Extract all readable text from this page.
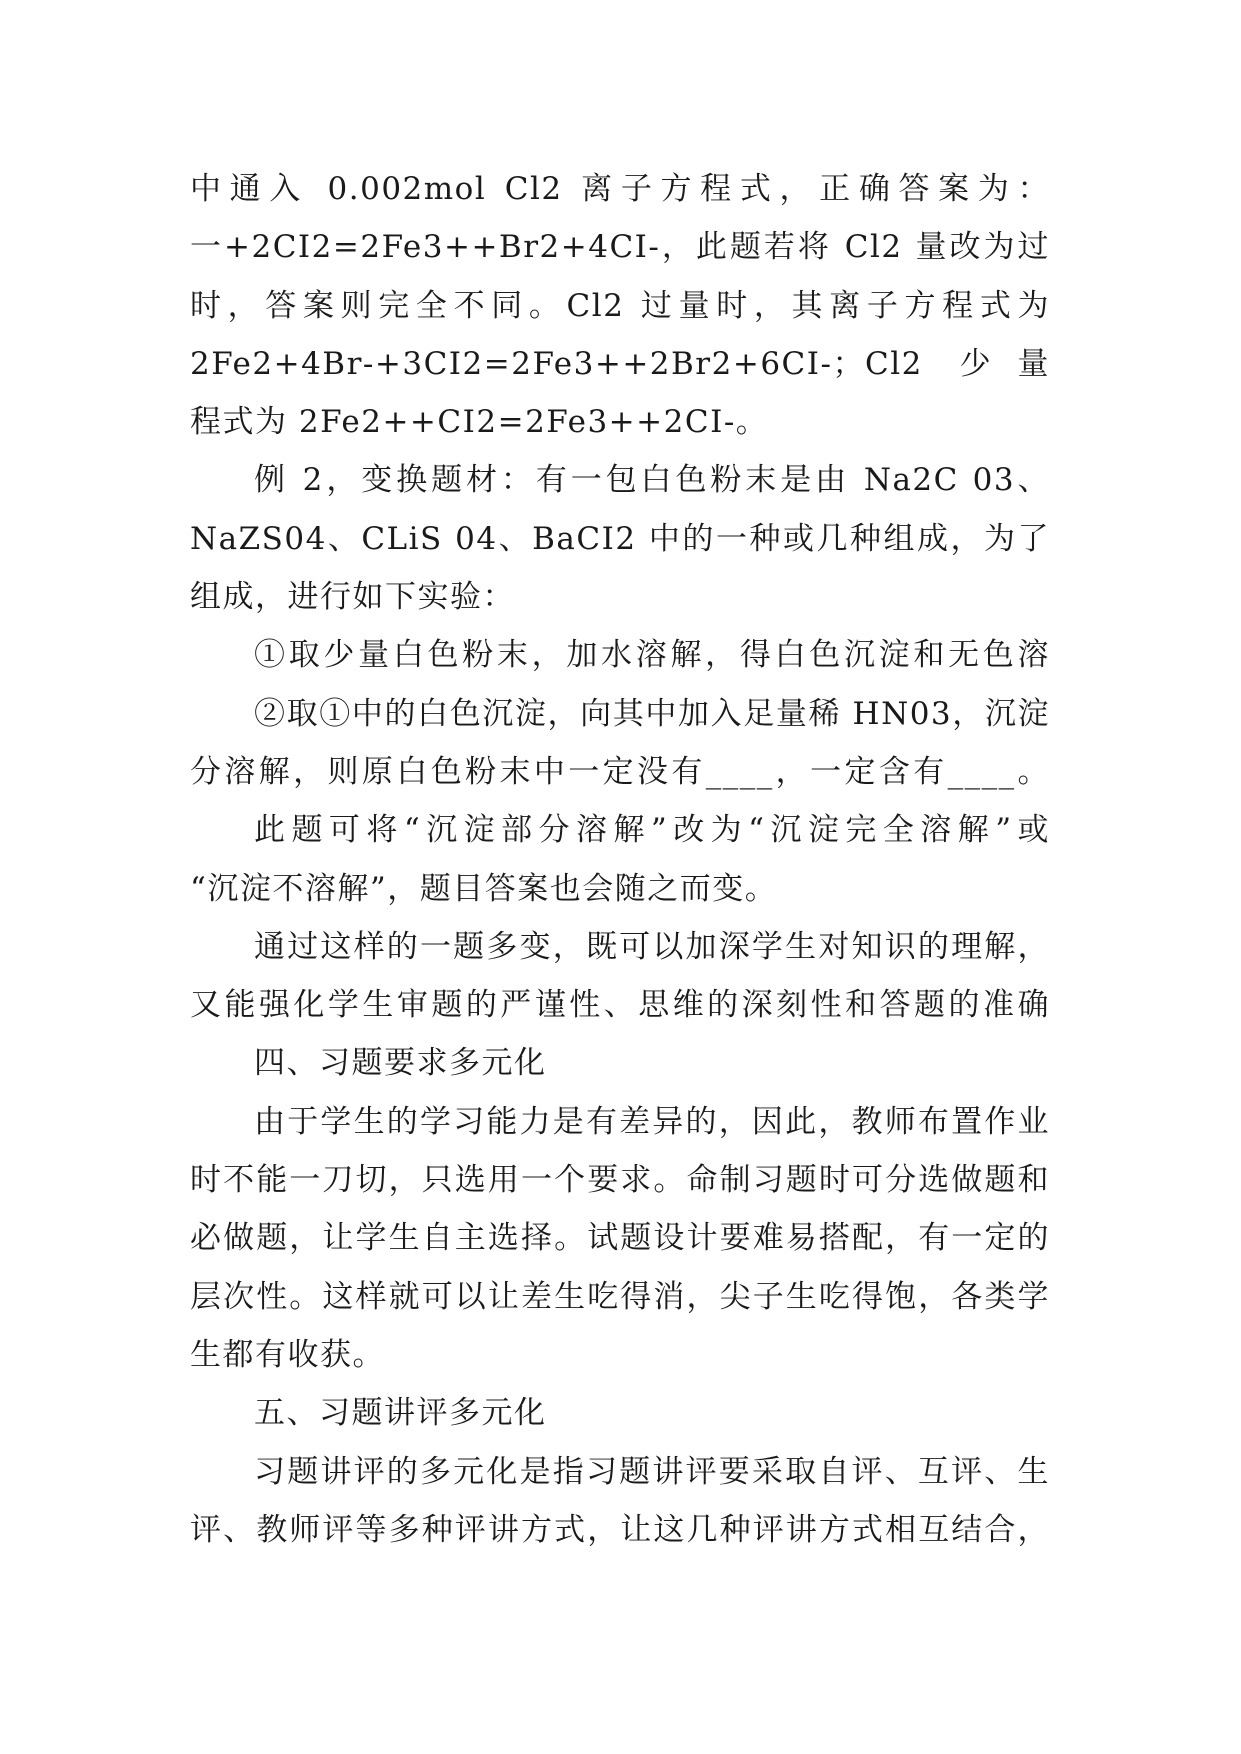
中通入 0.002mol Cl2 离子方程式，正确答案为：
一+2CI2=2Fe3++Br2+4CI-，此题若将 Cl2 量改为过
时，答案则完全不同。Cl2 过量时，其离子方程式为
2Fe2+4Br-+3CI2=2Fe3++2Br2+6CI-；Cl2 少量
程式为 2Fe2++CI2=2Fe3++2CI-。
例 2，变换题材：有一包白色粉末是由 Na2C 03、
NaZS04、CLiS 04、BaCI2 中的一种或几种组成，为了
组成，进行如下实验：
①取少量白色粉末，加水溶解，得白色沉淀和无色溶
②取①中的白色沉淀，向其中加入足量稀 HN03，沉淀
分溶解，则原白色粉末中一定没有____，一定含有____。
此题可将“沉淀部分溶解”改为“沉淀完全溶解”或
“沉淀不溶解”，题目答案也会随之而变。
通过这样的一题多变，既可以加深学生对知识的理解，
又能强化学生审题的严谨性、思维的深刻性和答题的准确
四、习题要求多元化
由于学生的学习能力是有差异的，因此，教师布置作业
时不能一刀切，只选用一个要求。命制习题时可分选做题和
必做题，让学生自主选择。试题设计要难易搭配，有一定的
层次性。这样就可以让差生吃得消，尖子生吃得饱，各类学
生都有收获。
五、习题讲评多元化
习题讲评的多元化是指习题讲评要采取自评、互评、生
评、教师评等多种评讲方式，让这几种评讲方式相互结合，
